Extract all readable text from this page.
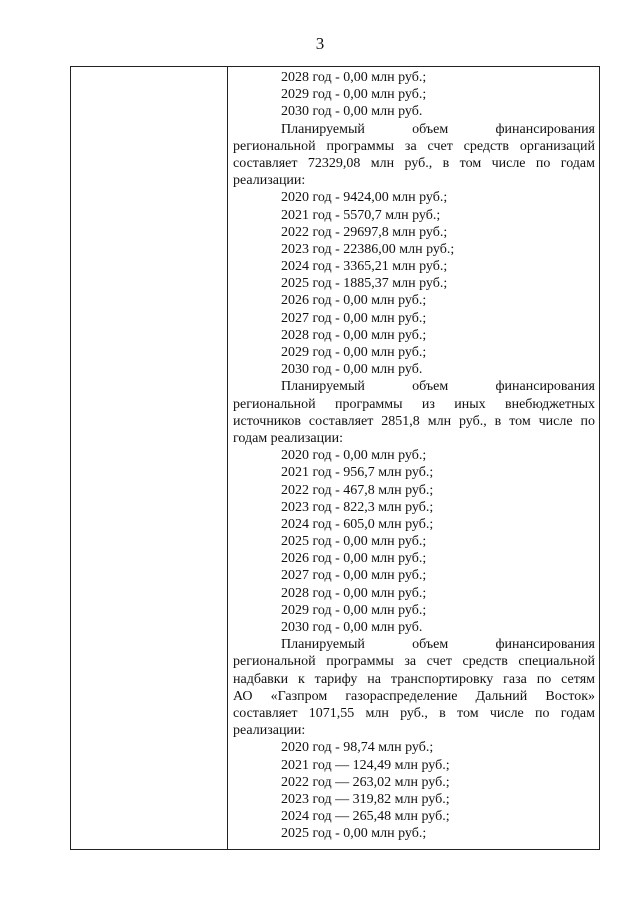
3
2028 год - 0,00 млн руб.;
2029 год - 0,00 млн руб.;
2030 год - 0,00 млн руб.
Планируемый объем финансирования
региональной программы за счет средств организаций
составляет 72329,08 млн руб., в том числе по годам
реализации:
2020 год - 9424,00 млн руб.;
2021 год - 5570,7 млн руб.;
2022 год - 29697,8 млн руб.;
2023 год - 22386,00 млн руб.;
2024 год - 3365,21 млн руб.;
2025 год - 1885,37 млн руб.;
2026 год - 0,00 млн руб.;
2027 год - 0,00 млн руб.;
2028 год - 0,00 млн руб.;
2029 год - 0,00 млн руб.;
2030 год - 0,00 млн руб.
Планируемый объем финансирования
региональной программы из иных внебюджетных
источников составляет 2851,8 млн руб., в том числе по
годам реализации:
2020 год - 0,00 млн руб.;
2021 год - 956,7 млн руб.;
2022 год - 467,8 млн руб.;
2023 год - 822,3 млн руб.;
2024 год - 605,0 млн руб.;
2025 год - 0,00 млн руб.;
2026 год - 0,00 млн руб.;
2027 год - 0,00 млн руб.;
2028 год - 0,00 млн руб.;
2029 год - 0,00 млн руб.;
2030 год - 0,00 млн руб.
Планируемый объем финансирования
региональной программы за счет средств специальной
надбавки к тарифу на транспортировку газа по сетям
АО «Газпром газораспределение Дальний Восток»
составляет 1071,55 млн руб., в том числе по годам
реализации:
2020 год - 98,74 млн руб.;
2021 год — 124,49 млн руб.;
2022 год — 263,02 млн руб.;
2023 год — 319,82 млн руб.;
2024 год — 265,48 млн руб.;
2025 год - 0,00 млн руб.;
